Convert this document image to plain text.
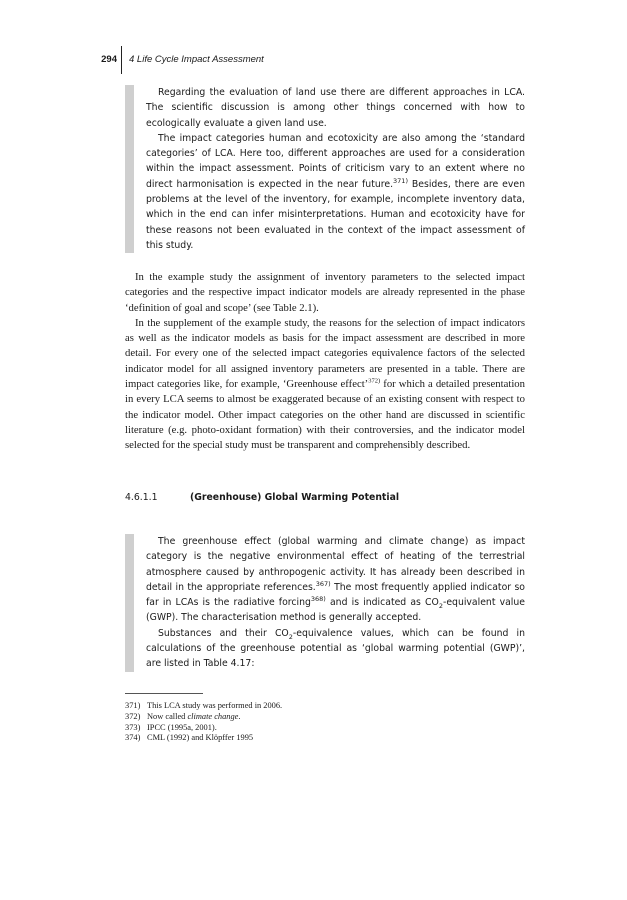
294 4 Life Cycle Impact Assessment

Regarding the evaluation of land use there are different approaches in LCA. The scientific discussion is among other things concerned with how to ecologically evaluate a given land use.

The impact categories human and ecotoxicity are also among the ‘standard categories’ of LCA. Here too, different approaches are used for a consideration within the impact assessment. Points of criticism vary to an extent where no direct harmonisation is expected in the near future.$^{371)}$ Besides, there are even problems at the level of the inventory, for example, incomplete inventory data, which in the end can infer misinterpretations. Human and ecotoxicity have for these reasons not been evaluated in the context of the impact assessment of this study.

In the example study the assignment of inventory parameters to the selected impact categories and the respective impact indicator models are already represented in the phase ‘definition of goal and scope’ (see Table 2.1).

In the supplement of the example study, the reasons for the selection of impact indicators as well as the indicator models as basis for the impact assessment are described in more detail. For every one of the selected impact categories equivalence factors of the selected indicator model for all assigned inventory parameters are presented in a table. There are impact categories like, for example, ‘Greenhouse effect’$^{372)}$ for which a detailed presentation in every LCA seems to almost be exaggerated because of an existing consent with respect to the indicator model. Other impact categories on the other hand are discussed in scientific literature (e.g. photo-oxidant formation) with their controversies, and the indicator model selected for the special study must be transparent and comprehensibly described.

4.6.1.1	(Greenhouse) Global Warming Potential

The greenhouse effect (global warming and climate change) as impact category is the negative environmental effect of heating of the terrestrial atmosphere caused by anthropogenic activity. It has already been described in detail in the appropriate references.$^{367)}$ The most frequently applied indicator so far in LCAs is the radiative forcing$^{368)}$ and is indicated as $CO_2$-equivalent value (GWP). The characterisation method is generally accepted.

Substances and their $CO_2$-equivalence values, which can be found in calculations of the greenhouse potential as ‘global warming potential (GWP)’, are listed in Table 4.17:

371) This LCA study was performed in 2006.
372) Now called climate change.
373) IPCC (1995a, 2001).
374) CML (1992) and Klöpffer 1995
